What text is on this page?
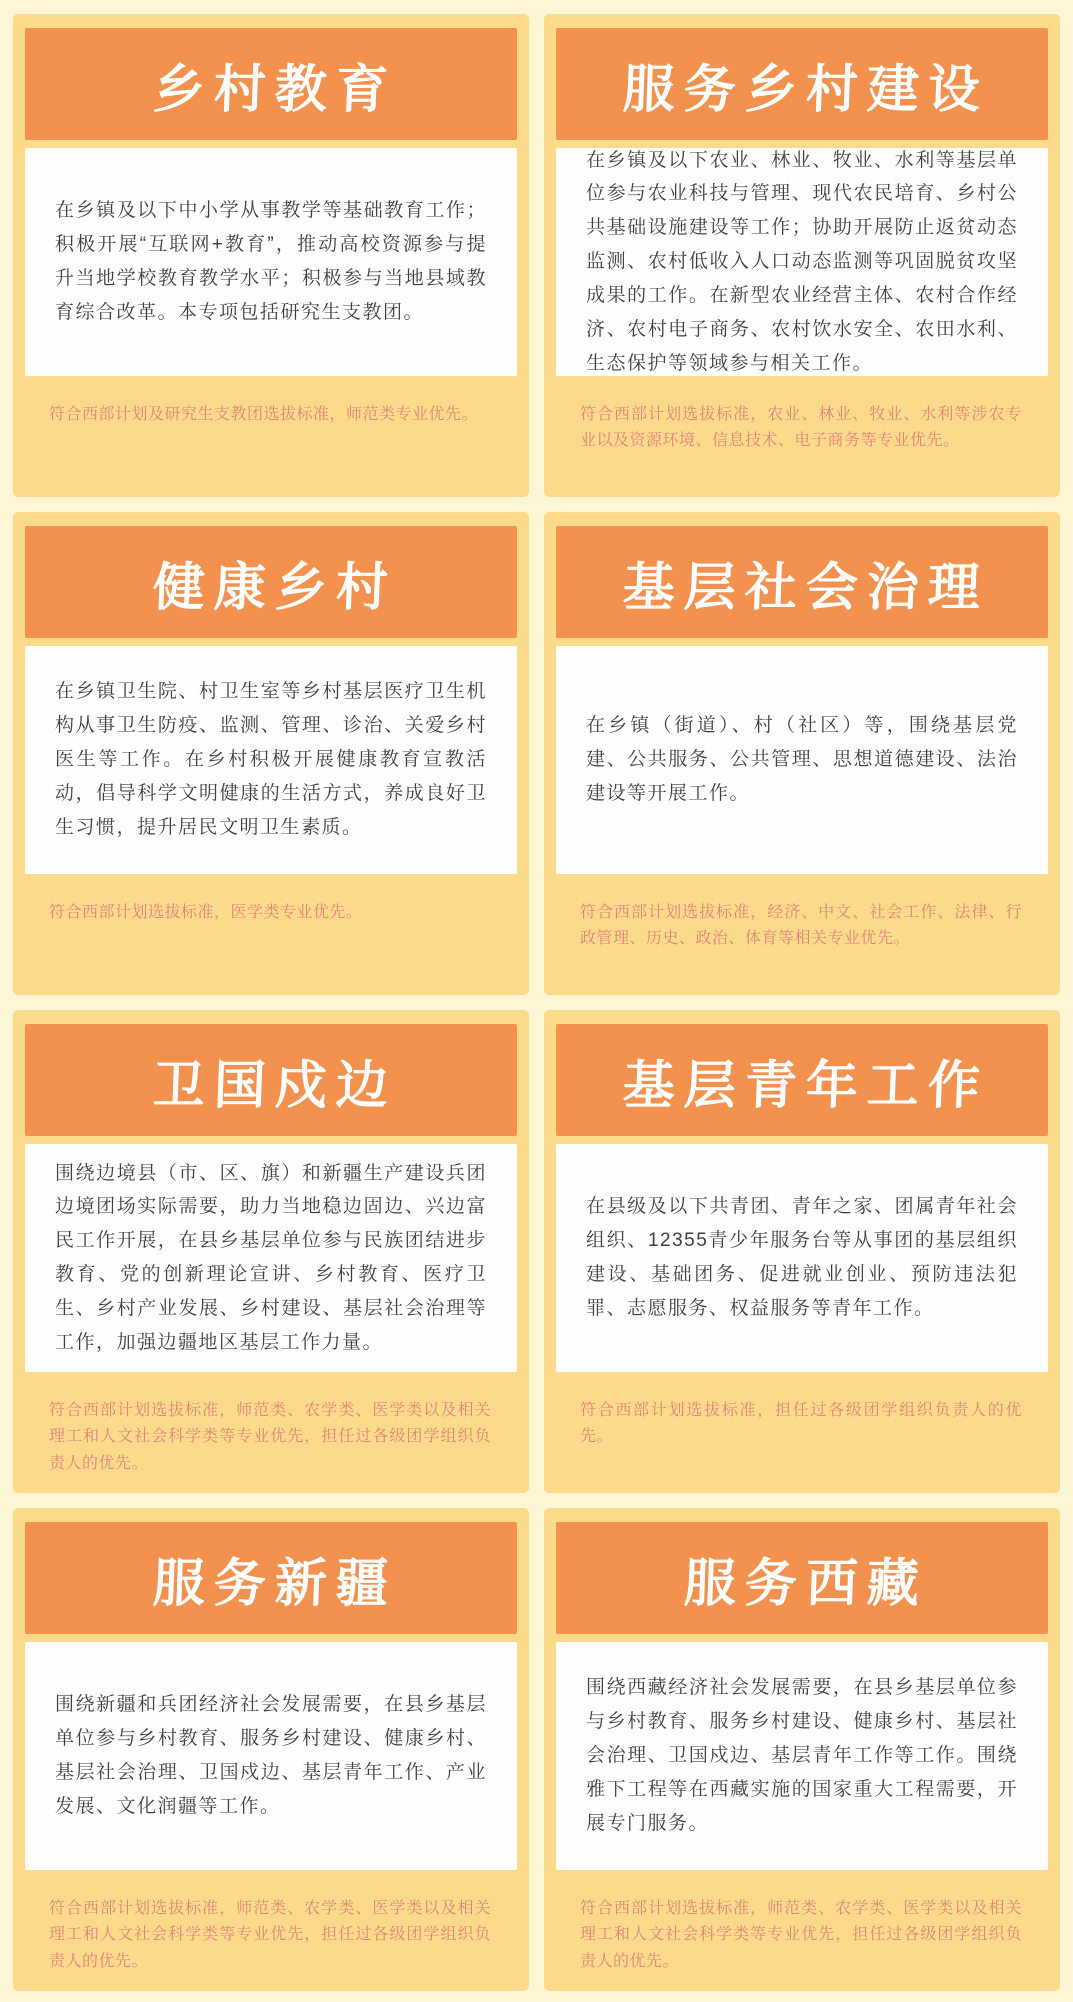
乡村教育

在乡镇及以下中小学从事教学等基础教育工作；积极开展“互联网+教育”，推动高校资源参与提升当地学校教育教学水平；积极参与当地县域教育综合改革。本专项包括研究生支教团。

符合西部计划及研究生支教团选拔标准，师范类专业优先。

服务乡村建设

在乡镇及以下农业、林业、牧业、水利等基层单位参与农业科技与管理、现代农民培育、乡村公共基础设施建设等工作；协助开展防止返贫动态监测、农村低收入人口动态监测等巩固脱贫攻坚成果的工作。在新型农业经营主体、农村合作经济、农村电子商务、农村饮水安全、农田水利、生态保护等领域参与相关工作。

符合西部计划选拔标准，农业、林业、牧业、水利等涉农专业以及资源环境、信息技术、电子商务等专业优先。

健康乡村

在乡镇卫生院、村卫生室等乡村基层医疗卫生机构从事卫生防疫、监测、管理、诊治、关爱乡村医生等工作。在乡村积极开展健康教育宣教活动，倡导科学文明健康的生活方式，养成良好卫生习惯，提升居民文明卫生素质。

符合西部计划选拔标准，医学类专业优先。

基层社会治理

在乡镇（街道）、村（社区）等，围绕基层党建、公共服务、公共管理、思想道德建设、法治建设等开展工作。

符合西部计划选拔标准，经济、中文、社会工作、法律、行政管理、历史、政治、体育等相关专业优先。

卫国戍边

围绕边境县（市、区、旗）和新疆生产建设兵团边境团场实际需要，助力当地稳边固边、兴边富民工作开展，在县乡基层单位参与民族团结进步教育、党的创新理论宣讲、乡村教育、医疗卫生、乡村产业发展、乡村建设、基层社会治理等工作，加强边疆地区基层工作力量。

符合西部计划选拔标准，师范类、农学类、医学类以及相关理工和人文社会科学类等专业优先，担任过各级团学组织负责人的优先。

基层青年工作

在县级及以下共青团、青年之家、团属青年社会组织、12355青少年服务台等从事团的基层组织建设、基础团务、促进就业创业、预防违法犯罪、志愿服务、权益服务等青年工作。

符合西部计划选拔标准，担任过各级团学组织负责人的优先。

服务新疆

围绕新疆和兵团经济社会发展需要，在县乡基层单位参与乡村教育、服务乡村建设、健康乡村、基层社会治理、卫国戍边、基层青年工作、产业发展、文化润疆等工作。

符合西部计划选拔标准，师范类、农学类、医学类以及相关理工和人文社会科学类等专业优先，担任过各级团学组织负责人的优先。

服务西藏

围绕西藏经济社会发展需要，在县乡基层单位参与乡村教育、服务乡村建设、健康乡村、基层社会治理、卫国戍边、基层青年工作等工作。围绕雅下工程等在西藏实施的国家重大工程需要，开展专门服务。

符合西部计划选拔标准，师范类、农学类、医学类以及相关理工和人文社会科学类等专业优先，担任过各级团学组织负责人的优先。
